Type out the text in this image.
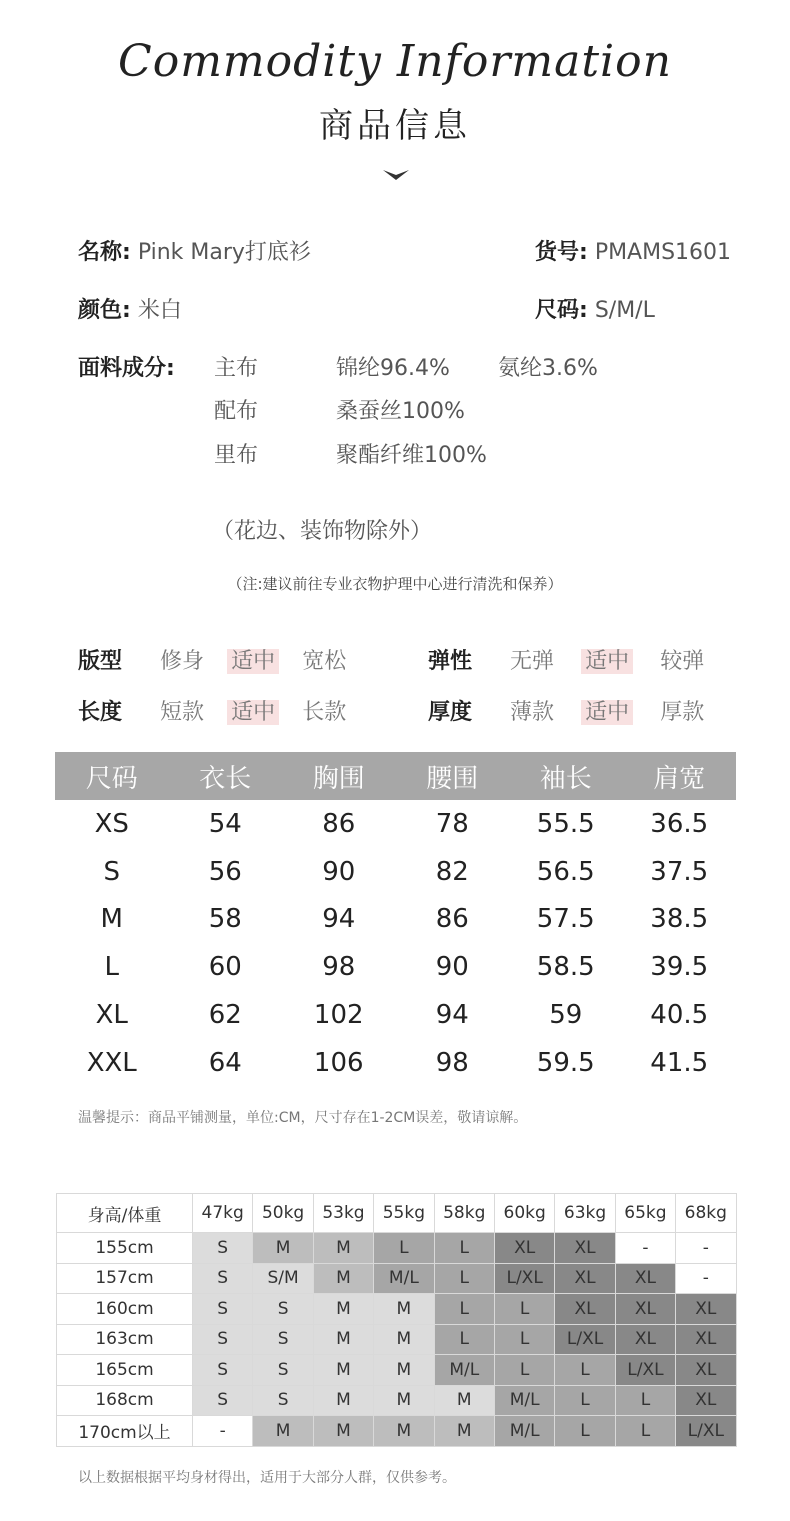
Commodity Information
商品信息
名称: Pink Mary打底衫	货号: PMAMS1601
颜色: 米白	尺码: S/M/L
面料成分: 主布	锦纶96.4% 氨纶3.6%
配布	桑蚕丝100%
里布	聚酯纤维100%
（花边、装饰物除外）
（注:建议前往专业衣物护理中心进行清洗和保养）
版型 修身 适中 宽松	弹性 无弹 适中 较弹
长度 短款 适中 长款	厚度 薄款 适中 厚款
尺码	衣长	胸围	腰围	袖长	肩宽
XS	54	86	78	55.5	36.5
S	56	90	82	56.5	37.5
M	58	94	86	57.5	38.5
L	60	98	90	58.5	39.5
XL	62	102	94	59	40.5
XXL	64	106	98	59.5	41.5
温馨提示：商品平铺测量，单位:CM，尺寸存在1-2CM误差，敬请谅解。
身高/体重	47kg	50kg	53kg	55kg	58kg	60kg	63kg	65kg	68kg
155cm	S	M	M	L	L	XL	XL	-	-
157cm	S	S/M	M	M/L	L	L/XL	XL	XL	-
160cm	S	S	M	M	L	L	XL	XL	XL
163cm	S	S	M	M	L	L	L/XL	XL	XL
165cm	S	S	M	M	M/L	L	L	L/XL	XL
168cm	S	S	M	M	M	M/L	L	L	XL
170cm以上	-	M	M	M	M	M/L	L	L	L/XL
以上数据根据平均身材得出，适用于大部分人群，仅供参考。
